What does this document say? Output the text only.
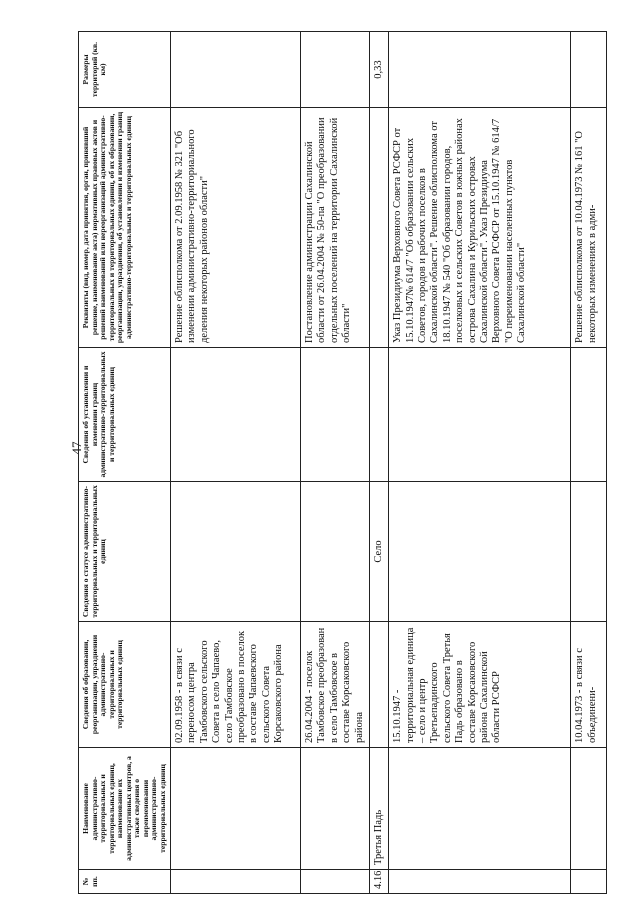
47
№ пп.	Наименование административно-территориальных и территориальных единиц, наименование их административных центров, а также сведения о переименовании административно-территориальных единиц	Сведения об образовании, реорганизации, упразднении административно-территориальных и территориальных единиц	Сведения о статусе административно-территориальных и территориальных единиц	Сведения об установлении и изменении границ административно-территориальных и территориальных единиц	Реквизиты (вид, номер, дата принятия, орган, принявший решение, наименование акта) нормативных правовых актов и решений наименований или нереорганизаций административно-территориальных и территориальных единиц, об их образовании, реорганизации, упразднении, об установлении и изменении границ административно-территориальных и территориальных единиц	Размеры территорий (кв. км)
		02.09.1958 - в связи с переносом центра Тамбовского сельского Совета в село Чапаево, село Тамбовское преобразовано в поселок в составе Чапаевского сельского Совета Корсаковского района			Решение облисполкома от 2.09.1958 № 321 "Об изменении административно-территориального деления некоторых районов области"	
		26.04.2004 - поселок Тамбовское преобразован в село Тамбовское в составе Корсаковского района			Постановление администрации Сахалинской области от 26.04.2004 № 50-па "О преобразовании отдельных поселений на территории Сахалинской области"	
4.16	Третья Падь		Село			0,33
		15.10.1947 - территориальная единица – село и центр Третьепадинского сельского Совета Третья Падь образовано в составе Корсаковского района Сахалинской области РСФСР			Указ Президиума Верховного Совета РСФСР от 15.10.1947№ 614/7 "Об образовании сельских Советов, городов и рабочих поселков в Сахалинской области". Решение облисполкома от 18.10.1947 № 540 "Об образовании городов, поселковых и сельских Советов в южных районах острова Сахалина и Курильских островах Сахалинской области". Указ Президиума Верховного Совета РСФСР от 15.10.1947 № 614/7 "О переименовании населенных пунктов Сахалинской области"	
		10.04.1973 - в связи с объединени-			Решение облисполкома от 10.04.1973 № 161 "О некоторых изменениях в адми-	
